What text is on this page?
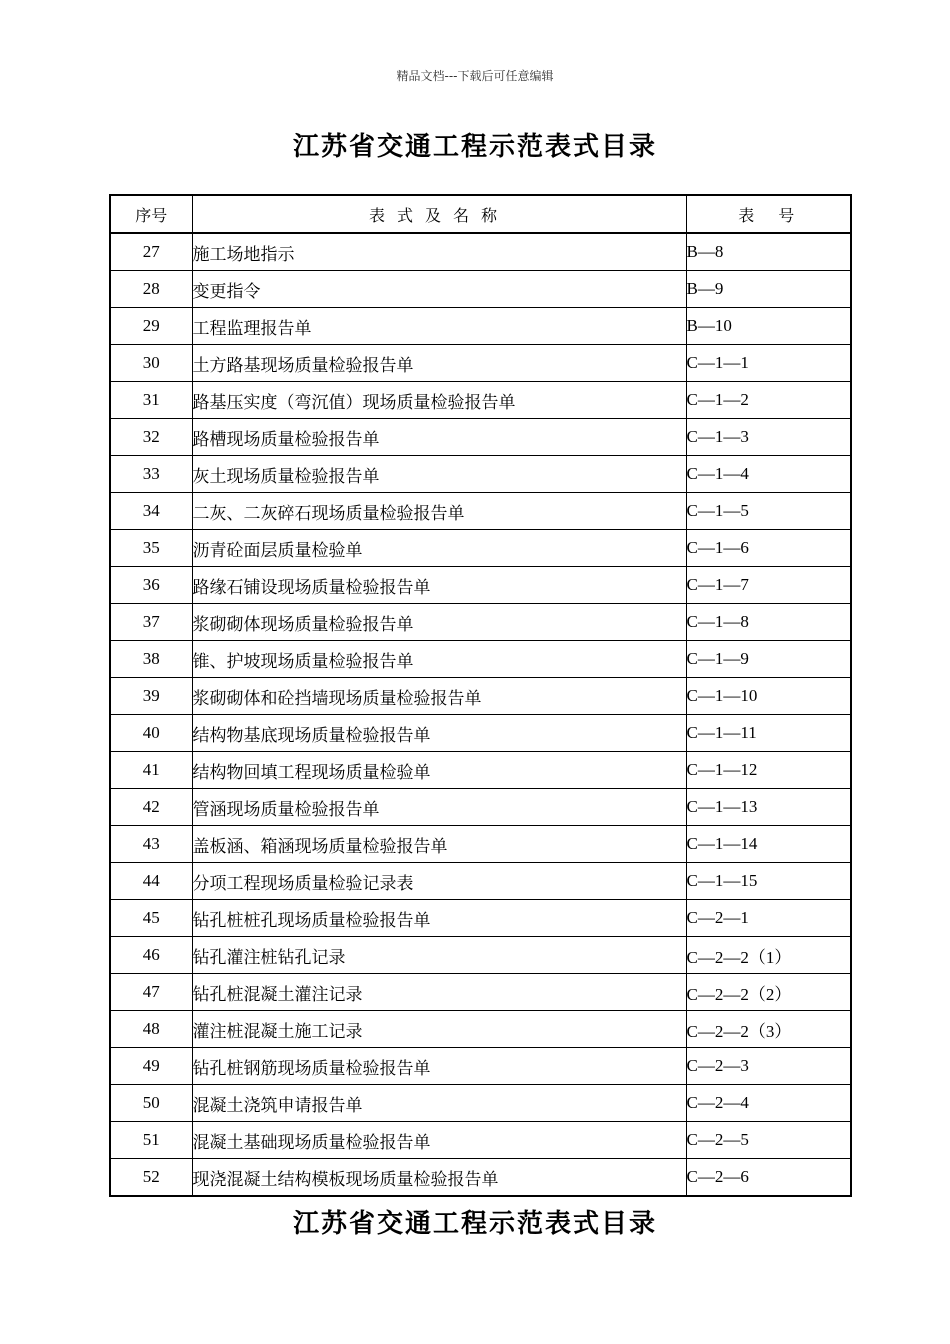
精品文档---下载后可任意编辑
江苏省交通工程示范表式目录
序号	表式及名称	表号
27	施工场地指示	B—8
28	变更指令	B—9
29	工程监理报告单	B—10
30	土方路基现场质量检验报告单	C—1—1
31	路基压实度（弯沉值）现场质量检验报告单	C—1—2
32	路槽现场质量检验报告单	C—1—3
33	灰土现场质量检验报告单	C—1—4
34	二灰、二灰碎石现场质量检验报告单	C—1—5
35	沥青砼面层质量检验单	C—1—6
36	路缘石铺设现场质量检验报告单	C—1—7
37	浆砌砌体现场质量检验报告单	C—1—8
38	锥、护坡现场质量检验报告单	C—1—9
39	浆砌砌体和砼挡墙现场质量检验报告单	C—1—10
40	结构物基底现场质量检验报告单	C—1—11
41	结构物回填工程现场质量检验单	C—1—12
42	管涵现场质量检验报告单	C—1—13
43	盖板涵、箱涵现场质量检验报告单	C—1—14
44	分项工程现场质量检验记录表	C—1—15
45	钻孔桩桩孔现场质量检验报告单	C—2—1
46	钻孔灌注桩钻孔记录	C—2—2（1）
47	钻孔桩混凝土灌注记录	C—2—2（2）
48	灌注桩混凝土施工记录	C—2—2（3）
49	钻孔桩钢筋现场质量检验报告单	C—2—3
50	混凝土浇筑申请报告单	C—2—4
51	混凝土基础现场质量检验报告单	C—2—5
52	现浇混凝土结构模板现场质量检验报告单	C—2—6
江苏省交通工程示范表式目录
